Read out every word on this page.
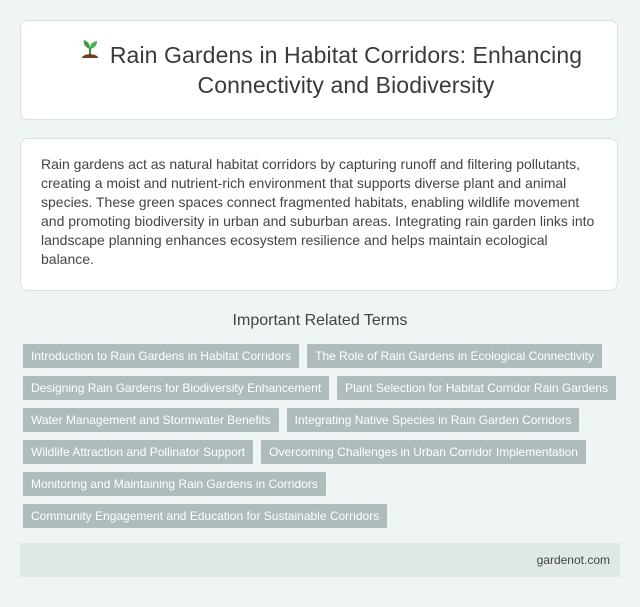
Rain Gardens in Habitat Corridors: Enhancing Connectivity and Biodiversity

Rain gardens act as natural habitat corridors by capturing runoff and filtering pollutants, creating a moist and nutrient-rich environment that supports diverse plant and animal species. These green spaces connect fragmented habitats, enabling wildlife movement and promoting biodiversity in urban and suburban areas. Integrating rain garden links into landscape planning enhances ecosystem resilience and helps maintain ecological balance.

Important Related Terms
Introduction to Rain Gardens in Habitat Corridors	The Role of Rain Gardens in Ecological Connectivity
Designing Rain Gardens for Biodiversity Enhancement	Plant Selection for Habitat Corridor Rain Gardens
Water Management and Stormwater Benefits	Integrating Native Species in Rain Garden Corridors
Wildlife Attraction and Pollinator Support	Overcoming Challenges in Urban Corridor Implementation
Monitoring and Maintaining Rain Gardens in Corridors
Community Engagement and Education for Sustainable Corridors
gardenot.com
